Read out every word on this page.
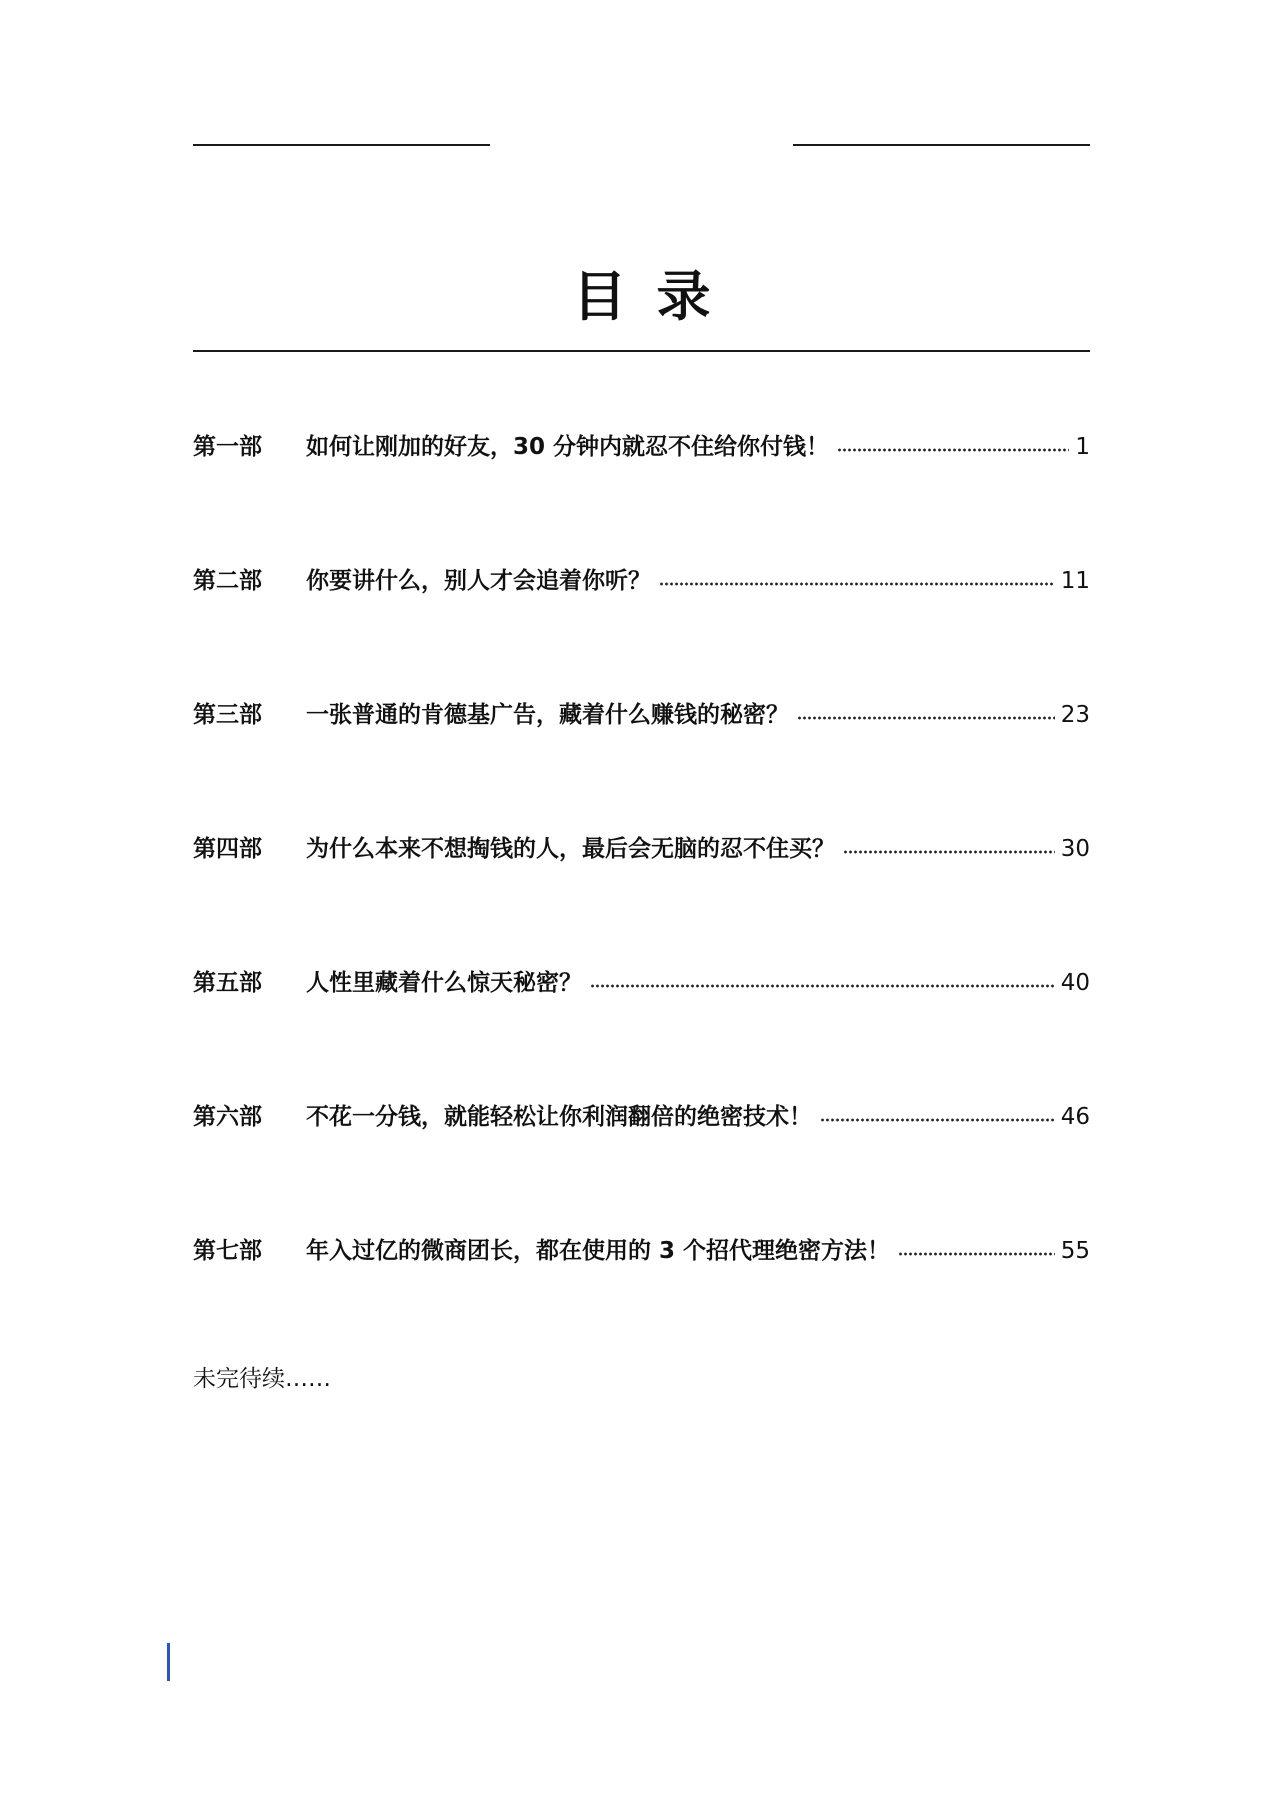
目录
第一部	如何让刚加的好友，30 分钟内就忍不住给你付钱！	1
第二部	你要讲什么，别人才会追着你听？	11
第三部	一张普通的肯德基广告，藏着什么赚钱的秘密？	23
第四部	为什么本来不想掏钱的人，最后会无脑的忍不住买？	30
第五部	人性里藏着什么惊天秘密？	40
第六部	不花一分钱，就能轻松让你利润翻倍的绝密技术！	46
第七部	年入过亿的微商团长，都在使用的 3 个招代理绝密方法！	55
未完待续……
